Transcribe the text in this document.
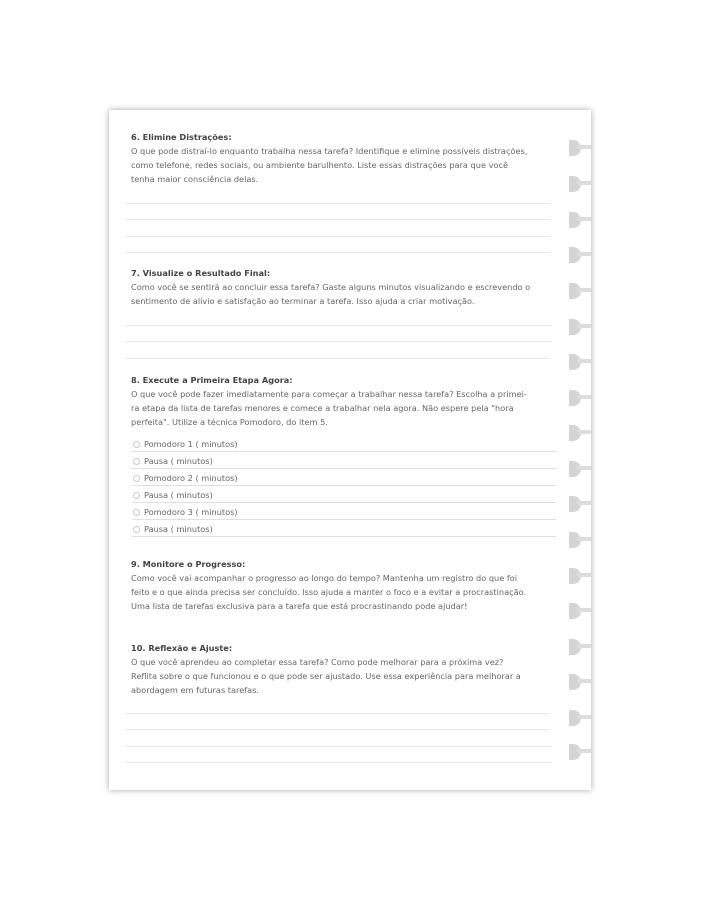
6. Elimine Distrações:

O que pode distraí-lo enquanto trabalha nessa tarefa? Identifique e elimine possíveis distrações,

como telefone, redes sociais, ou ambiente barulhento. Liste essas distrações para que você

tenha maior consciência delas.

7. Visualize o Resultado Final:

Como você se sentirá ao concluir essa tarefa? Gaste alguns minutos visualizando e escrevendo o

sentimento de alívio e satisfação ao terminar a tarefa. Isso ajuda a criar motivação.

8. Execute a Primeira Etapa Agora:

O que você pode fazer imediatamente para começar a trabalhar nessa tarefa? Escolha a primei-

ra etapa da lista de tarefas menores e comece a trabalhar nela agora. Não espere pela "hora

perfeita". Utilize a técnica Pomodoro, do item 5.

Pomodoro 1 ( minutos)
Pausa ( minutos)
Pomodoro 2 ( minutos)
Pausa ( minutos)
Pomodoro 3 ( minutos)
Pausa ( minutos)

9. Monitore o Progresso:

Como você vai acompanhar o progresso ao longo do tempo? Mantenha um registro do que foi

feito e o que ainda precisa ser concluído. Isso ajuda a manter o foco e a evitar a procrastinação.

Uma lista de tarefas exclusiva para a tarefa que está procrastinando pode ajudar!

10. Reflexão e Ajuste:

O que você aprendeu ao completar essa tarefa? Como pode melhorar para a próxima vez?

Reflita sobre o que funcionou e o que pode ser ajustado. Use essa experiência para melhorar a

abordagem em futuras tarefas.
